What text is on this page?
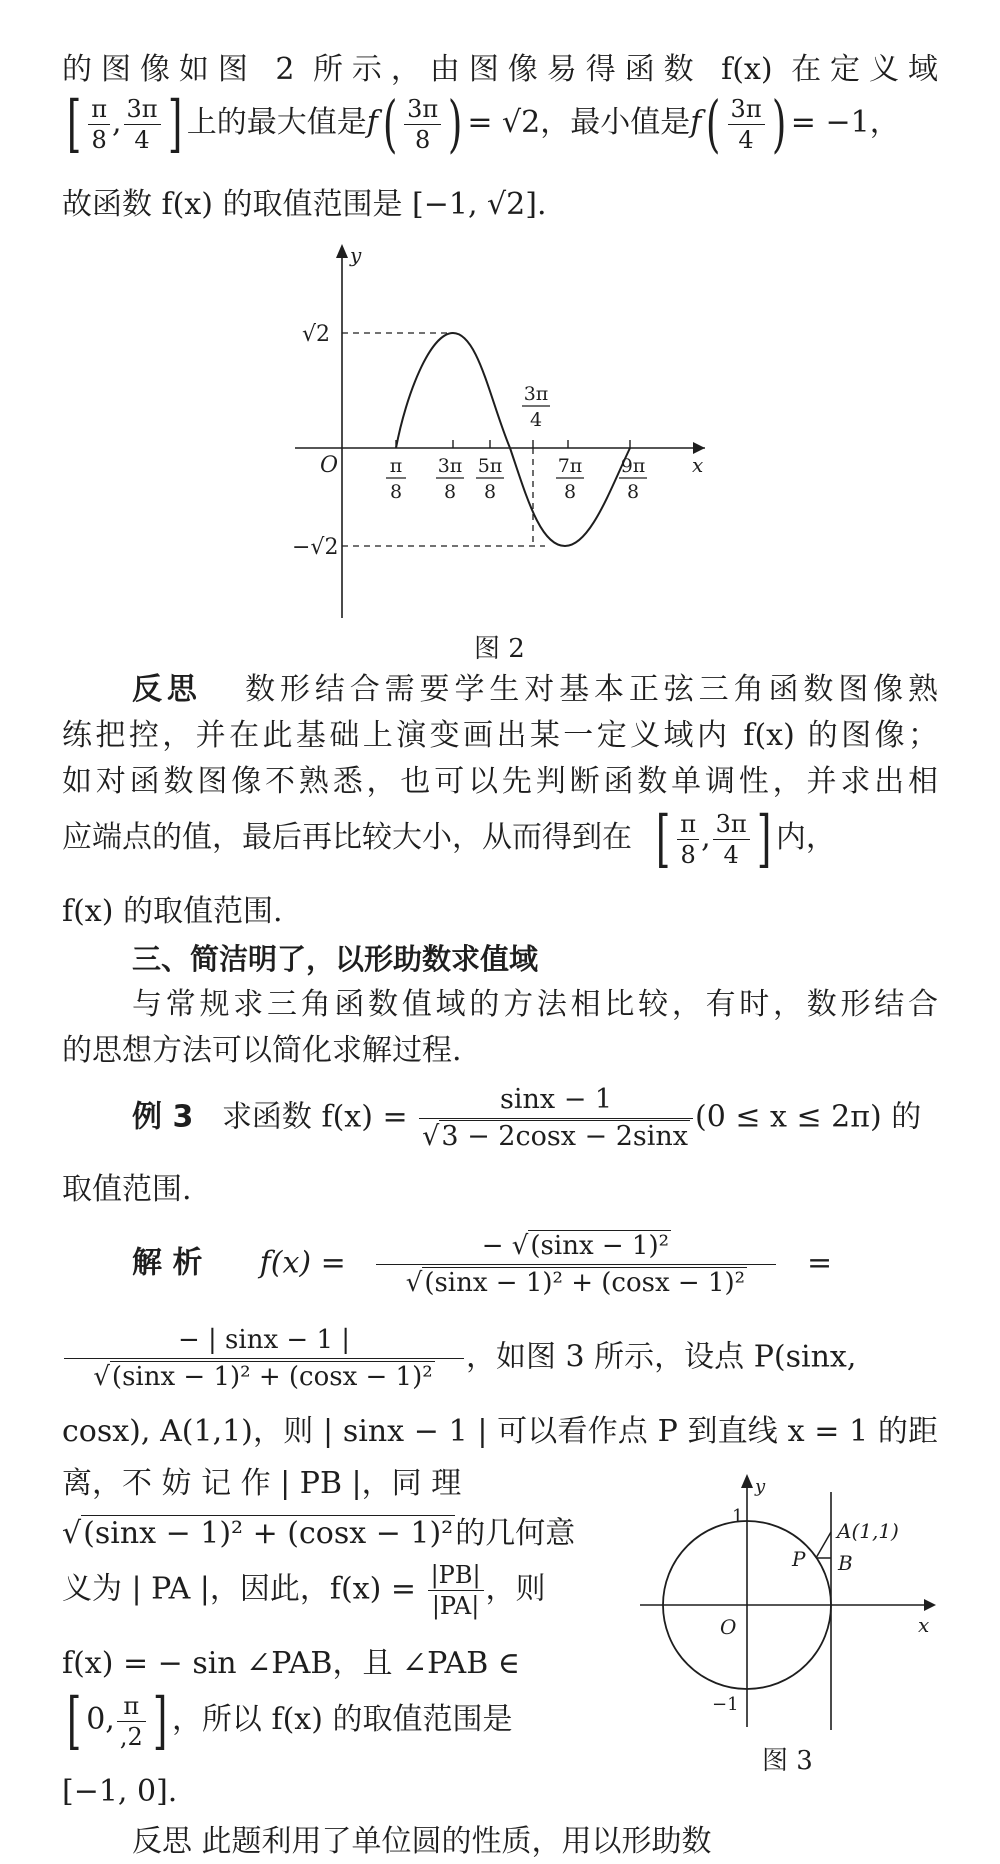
的图像如图 2 所示，由图像易得函数 f(x) 在定义域
[ $\frac{\pi}{8}$ , $\frac{3\pi}{4}$ ] 上的最大值是$f( \frac{3\pi}{8}$ ) = √2，最小值是$f( \frac{3\pi}{4}$ ) = −1，
故函数 f(x) 的取值范围是 [−1, √2].
y
x
O
√2
−√2
π
8
3π
8
5π
8
3π
4
7π
8
9π
8
图 2
反思 数形结合需要学生对基本正弦三角函数图像熟
练把控，并在此基础上演变画出某一定义域内 f(x) 的图像；
如对函数图像不熟悉，也可以先判断函数单调性，并求出相
应端点的值，最后再比较大小，从而得到在 [ $\frac{\pi}{8}$ , $\frac{3\pi}{4}$ ] 内，
f(x) 的取值范围.
三、简洁明了，以形助数求值域
与常规求三角函数值域的方法相比较，有时，数形结合
的思想方法可以简化求解过程.
例 3 求函数 $f(x) = \frac{\sin x - 1}{√3 - 2\cos x - 2\sin x} (0 \le x \le 2\pi)$ 的
取值范围.
解 析 $f(x) = \frac{\text{− √(sinx − 1)²}}{\text{√(sinx − 1)² + (cosx − 1)²}}$ =
$\frac{- | \sin x - 1 |}{\text{√(sinx − 1)² + (cosx − 1)²}}$ ，如图 3 所示，设点 P(sinx,
cosx), A(1,1)，则 | sinx − 1 | 可以看作点 P 到直线 x = 1 的距
离，不 妨 记 作 | PB |，同 理
√(sinx − 1)² + (cosx − 1)²的几何意
义为 | PA |，因此，$f(x) = \frac{|PB|}{|PA|}$ ，则
f(x) = − sin ∠PAB，且 ∠PAB ∈
[ 0, $\frac{\pi}{,2}$ ] ，所以 f(x) 的取值范围是
[−1, 0].
y
x
O
1
−1
A(1,1)
P B
图 3
反思 此题利用了单位圆的性质，用以形助数
